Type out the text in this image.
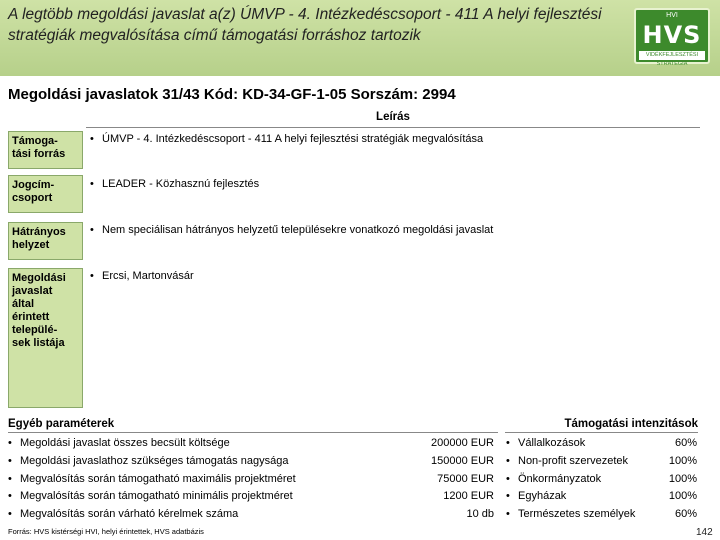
A legtöbb megoldási javaslat a(z) ÚMVP - 4. Intézkedéscsoport - 411 A helyi fejlesztési stratégiák megvalósítása című támogatási forráshoz tartozik
HVI
HVS
VIDÉKFEJLESZTÉSI STRATÉGIA
Megoldási javaslatok 31/43 Kód: KD-34-GF-1-05 Sorszám: 2994
Leírás
Támoga-
tási forrás
• ÚMVP - 4. Intézkedéscsoport - 411 A helyi fejlesztési stratégiák megvalósítása
Jogcím-
csoport
• LEADER - Közhasznú fejlesztés
Hátrányos
helyzet
• Nem speciálisan hátrányos helyzetű településekre vonatkozó megoldási javaslat
Megoldási
javaslat
által
érintett
települé-
sek listája
• Ercsi, Martonvásár
Egyéb paraméterek	Támogatási intenzitások
• Megoldási javaslat összes becsült költsége	200000 EUR
• Megoldási javaslathoz szükséges támogatás nagysága	150000 EUR
• Megvalósítás során támogatható maximális projektméret	75000 EUR
• Megvalósítás során támogatható minimális projektméret	1200 EUR
• Megvalósítás során várható kérelmek száma	10 db
• Vállalkozások	60%
• Non-profit szervezetek	100%
• Önkormányzatok	100%
• Egyházak	100%
• Természetes személyek	60%
Forrás: HVS kistérségi HVI, helyi érintettek, HVS adatbázis	142
